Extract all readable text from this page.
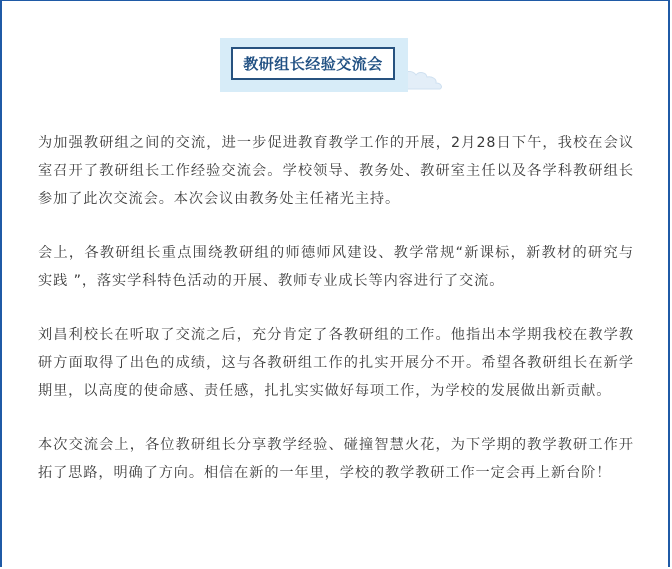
教研组长经验交流会

为加强教研组之间的交流，进一步促进教育教学工作的开展，2月28日下午，我校在会议室召开了教研组长工作经验交流会。学校领导、教务处、教研室主任以及各学科教研组长参加了此次交流会。本次会议由教务处主任褚光主持。

会上，各教研组长重点围绕教研组的师德师风建设、教学常规“新课标，新教材的研究与实践 ”，落实学科特色活动的开展、教师专业成长等内容进行了交流。

刘昌利校长在听取了交流之后，充分肯定了各教研组的工作。他指出本学期我校在教学教研方面取得了出色的成绩，这与各教研组工作的扎实开展分不开。希望各教研组长在新学期里，以高度的使命感、责任感，扎扎实实做好每项工作，为学校的发展做出新贡献。

本次交流会上，各位教研组长分享教学经验、碰撞智慧火花，为下学期的教学教研工作开拓了思路，明确了方向。相信在新的一年里，学校的教学教研工作一定会再上新台阶！
